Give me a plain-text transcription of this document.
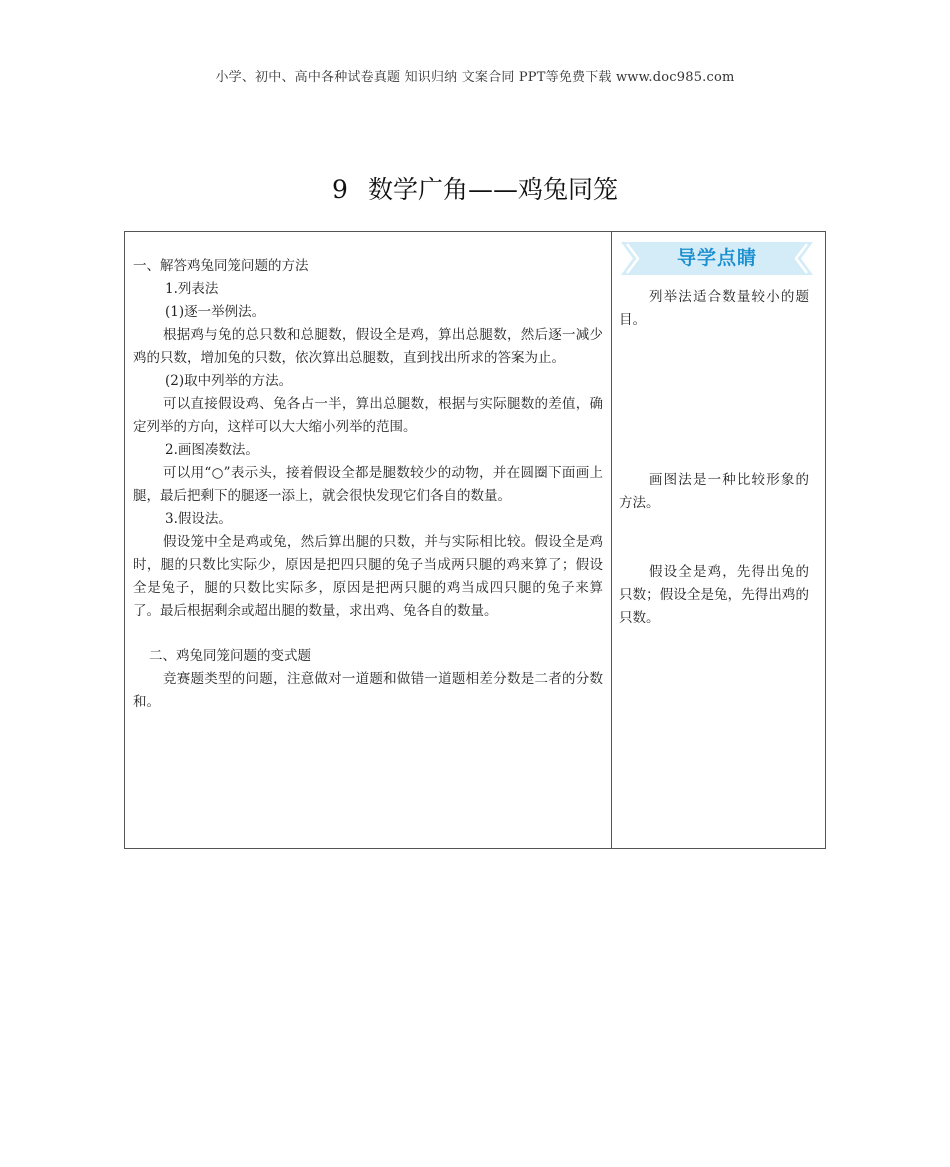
小学、初中、高中各种试卷真题 知识归纳 文案合同 PPT等免费下载 www.doc985.com
9 数学广角——鸡兔同笼

一、解答鸡兔同笼问题的方法

1.列表法

(1)逐一举例法。

根据鸡与兔的总只数和总腿数，假设全是鸡，算出总腿数，然后逐一减少鸡的只数，增加兔的只数，依次算出总腿数，直到找出所求的答案为止。

(2)取中列举的方法。

可以直接假设鸡、兔各占一半，算出总腿数，根据与实际腿数的差值，确定列举的方向，这样可以大大缩小列举的范围。

2.画图凑数法。

可以用“○”表示头，接着假设全都是腿数较少的动物，并在圆圈下面画上腿，最后把剩下的腿逐一添上，就会很快发现它们各自的数量。

3.假设法。

假设笼中全是鸡或兔，然后算出腿的只数，并与实际相比较。假设全是鸡时，腿的只数比实际少，原因是把四只腿的兔子当成两只腿的鸡来算了；假设全是兔子，腿的只数比实际多，原因是把两只腿的鸡当成四只腿的兔子来算了。最后根据剩余或超出腿的数量，求出鸡、兔各自的数量。

二、鸡兔同笼问题的变式题

竞赛题类型的问题，注意做对一道题和做错一道题相差分数是二者的分数和。

导学点睛

列举法适合数量较小的题目。

画图法是一种比较形象的方法。

假设全是鸡，先得出兔的只数；假设全是兔，先得出鸡的只数。
